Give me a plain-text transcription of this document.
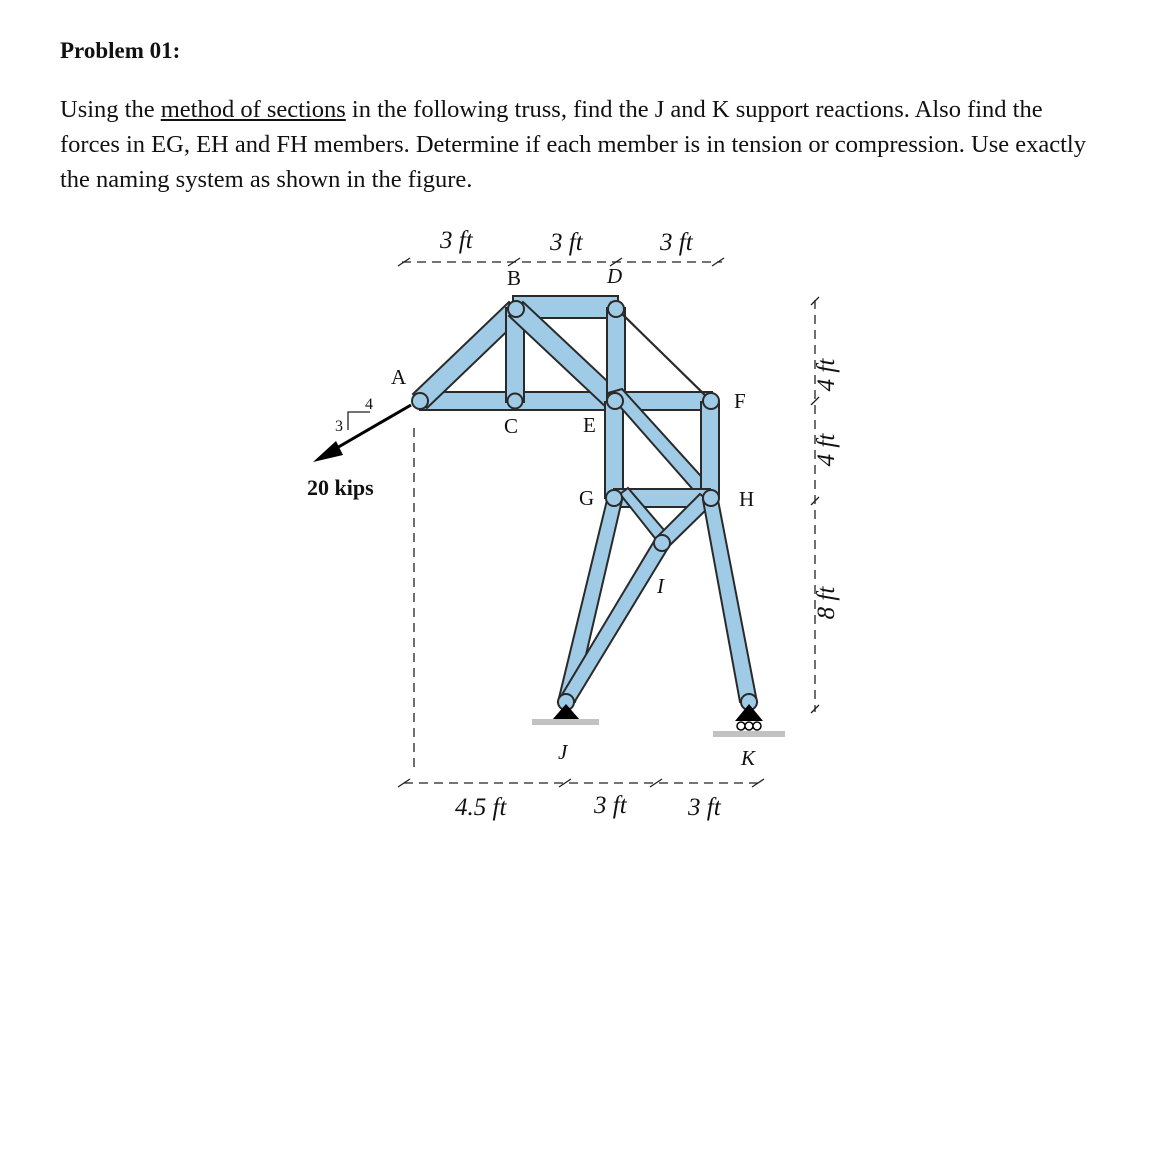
Problem 01:

Using the method of sections in the following truss, find the J and K support reactions. Also find the forces in EG, EH and FH members. Determine if each member is in tension or compression. Use exactly the naming system as shown in the figure.

4
3
20 kips
3 ft	3 ft	3 ft
4.5 ft	3 ft 3 ft
4 ft
4 ft
8 ft
A
B
C
D
E
F
G	H
I
J	K
